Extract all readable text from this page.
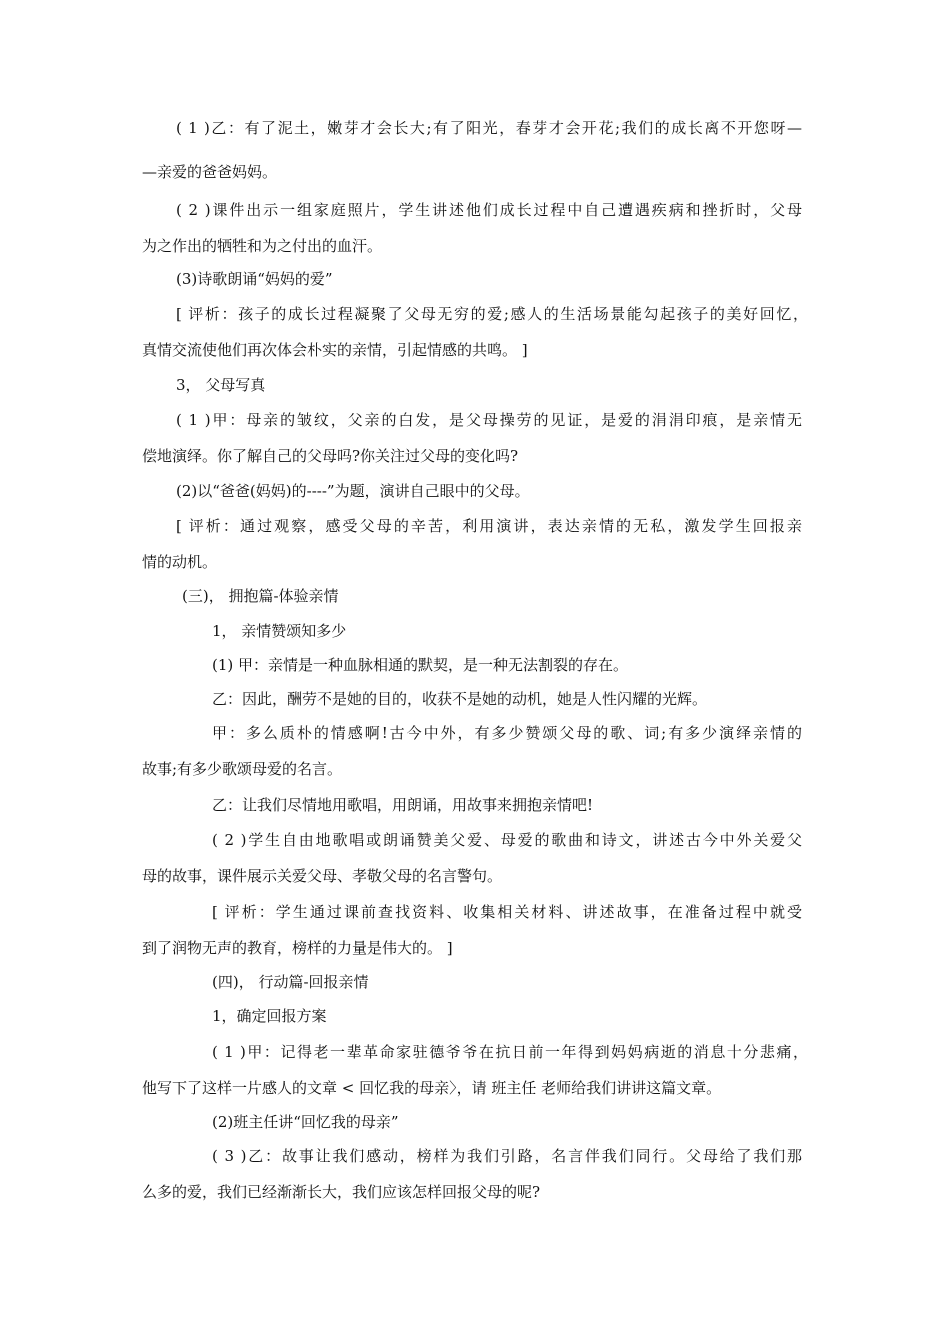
( 1 )乙：有了泥土，嫩芽才会长大;有了阳光，春芽才会开花;我们的成长离不开您呀—
—亲爱的爸爸妈妈。
( 2 )课件出示一组家庭照片，学生讲述他们成长过程中自己遭遇疾病和挫折时，父母
为之作出的牺牲和为之付出的血汗。
(3)诗歌朗诵“妈妈的爱”
[ 评析：孩子的成长过程凝聚了父母无穷的爱;感人的生活场景能勾起孩子的美好回忆，
真情交流使他们再次体会朴实的亲情，引起情感的共鸣。 ]
3， 父母写真
( 1 )甲：母亲的皱纹，父亲的白发，是父母操劳的见证，是爱的涓涓印痕，是亲情无
偿地演绎。你了解自己的父母吗?你关注过父母的变化吗?
(2)以“爸爸(妈妈)的----”为题，演讲自己眼中的父母。
[ 评析：通过观察，感受父母的辛苦，利用演讲，表达亲情的无私，激发学生回报亲
情的动机。
(三)， 拥抱篇-体验亲情
1， 亲情赞颂知多少
(1) 甲：亲情是一种血脉相通的默契，是一种无法割裂的存在。
乙：因此，酬劳不是她的目的，收获不是她的动机，她是人性闪耀的光辉。
甲：多么质朴的情感啊!古今中外，有多少赞颂父母的歌、词;有多少演绎亲情的
故事;有多少歌颂母爱的名言。
乙：让我们尽情地用歌唱，用朗诵，用故事来拥抱亲情吧!
( 2 )学生自由地歌唱或朗诵赞美父爱、母爱的歌曲和诗文，讲述古今中外关爱父
母的故事，课件展示关爱父母、孝敬父母的名言警句。
[ 评析：学生通过课前查找资料、收集相关材料、讲述故事，在准备过程中就受
到了润物无声的教育，榜样的力量是伟大的。 ]
(四)， 行动篇-回报亲情
1，确定回报方案
( 1 )甲：记得老一辈革命家驻德爷爷在抗日前一年得到妈妈病逝的消息十分悲痛，
他写下了这样一片感人的文章 < 回忆我的母亲〉，请 班主任 老师给我们讲讲这篇文章。
(2)班主任讲“回忆我的母亲”
( 3 )乙：故事让我们感动，榜样为我们引路，名言伴我们同行。父母给了我们那
么多的爱，我们已经渐渐长大，我们应该怎样回报父母的呢?
